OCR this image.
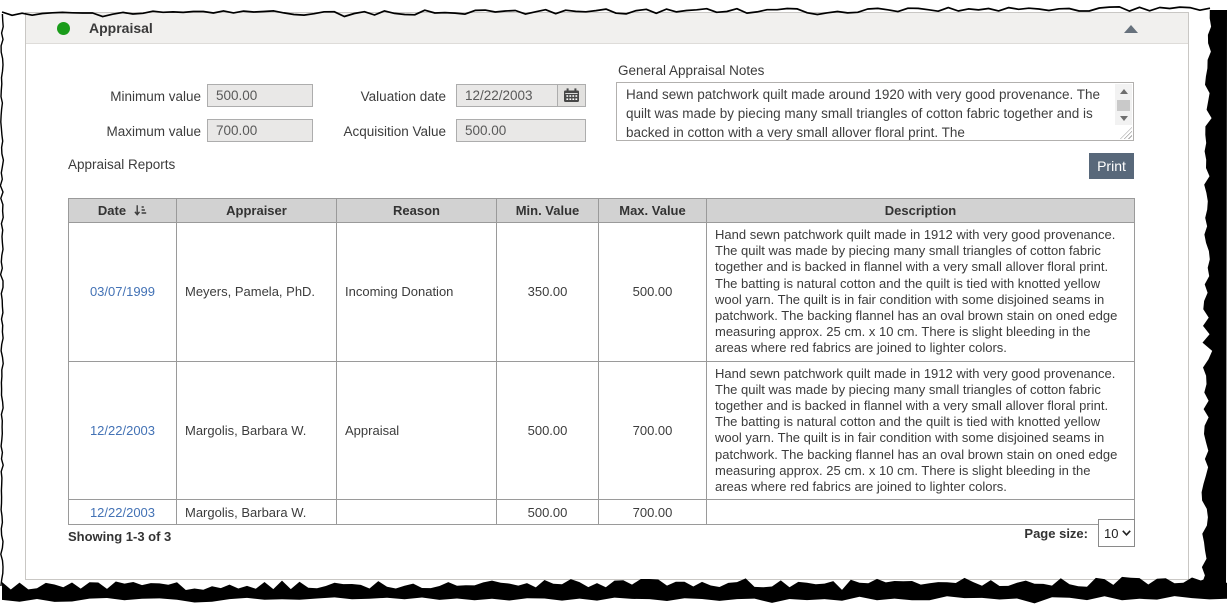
Appraisal
Minimum value
500.00
Maximum value
700.00
Valuation date	12/22/2003
Acquisition Value
500.00
General Appraisal Notes
Hand sewn patchwork quilt made around 1920 with very good provenance. The quilt was made by piecing many small triangles of cotton fabric together and is backed in cotton with a very small allover floral print. The
Appraisal Reports	Print
Date	Appraiser	Reason	Min. Value	Max. Value	Description
03/07/1999	Meyers, Pamela, PhD.	Incoming Donation	350.00	500.00	Hand sewn patchwork quilt made in 1912 with very good provenance. The quilt was made by piecing many small triangles of cotton fabric together and is backed in flannel with a very small allover floral print. The batting is natural cotton and the quilt is tied with knotted yellow wool yarn. The quilt is in fair condition with some disjoined seams in patchwork. The backing flannel has an oval brown stain on oned edge measuring approx. 25 cm. x 10 cm. There is slight bleeding in the areas where red fabrics are joined to lighter colors.
12/22/2003	Margolis, Barbara W.	Appraisal	500.00	700.00	Hand sewn patchwork quilt made in 1912 with very good provenance. The quilt was made by piecing many small triangles of cotton fabric together and is backed in flannel with a very small allover floral print. The batting is natural cotton and the quilt is tied with knotted yellow wool yarn. The quilt is in fair condition with some disjoined seams in patchwork. The backing flannel has an oval brown stain on oned edge measuring approx. 25 cm. x 10 cm. There is slight bleeding in the areas where red fabrics are joined to lighter colors.
12/22/2003	Margolis, Barbara W.		500.00	700.00	
Showing 1-3 of 3	Page size:
10
